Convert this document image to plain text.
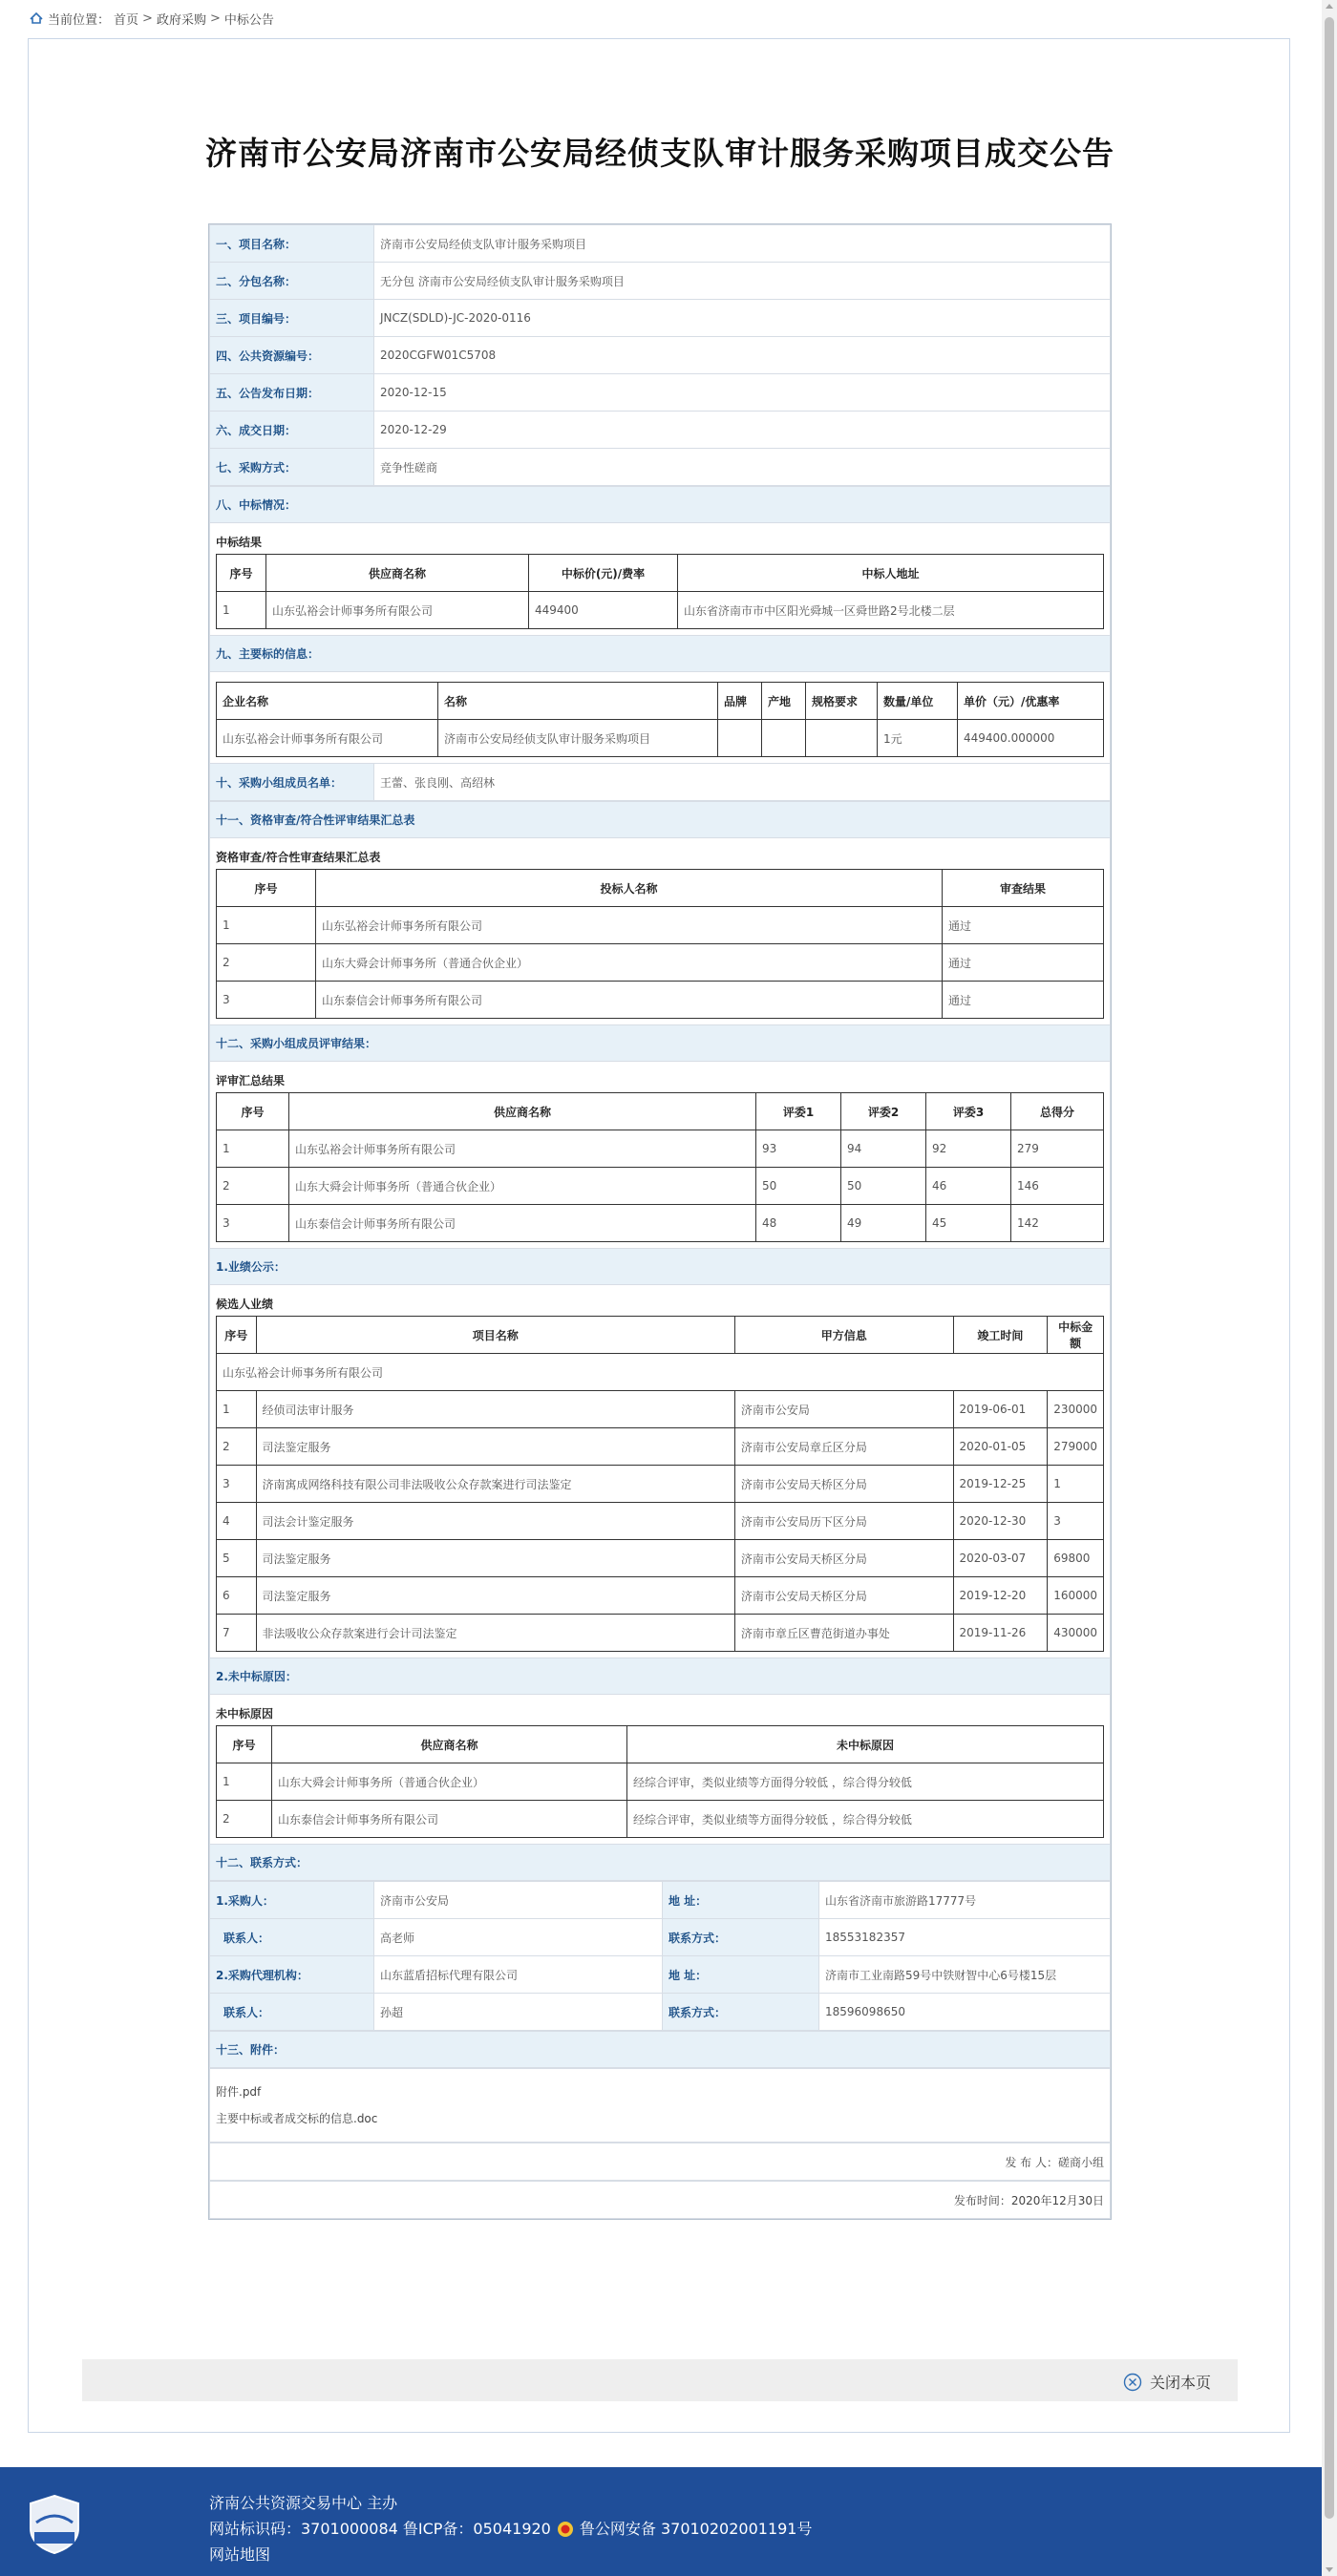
当前位置： 首页 > 政府采购 > 中标公告
济南市公安局济南市公安局经侦支队审计服务采购项目成交公告
一、项目名称：	济南市公安局经侦支队审计服务采购项目
二、分包名称：	无分包 济南市公安局经侦支队审计服务采购项目
三、项目编号：	JNCZ(SDLD)-JC-2020-0116
四、公共资源编号：	2020CGFW01C5708
五、公告发布日期：	2020-12-15
六、成交日期：	2020-12-29
七、采购方式：	竞争性磋商
八、中标情况：
中标结果
序号	供应商名称	中标价(元)/费率	中标人地址
1	山东弘裕会计师事务所有限公司	449400	山东省济南市市中区阳光舜城一区舜世路2号北楼二层
九、主要标的信息：
企业名称	名称	品牌	产地	规格要求	数量/单位	单价（元）/优惠率
山东弘裕会计师事务所有限公司	济南市公安局经侦支队审计服务采购项目				1元	449400.000000
十、采购小组成员名单：	王蕾、张良刚、高绍林
十一、资格审查/符合性评审结果汇总表
资格审查/符合性审查结果汇总表
序号	投标人名称	审查结果
1	山东弘裕会计师事务所有限公司	通过
2	山东大舜会计师事务所（普通合伙企业）	通过
3	山东泰信会计师事务所有限公司	通过
十二、采购小组成员评审结果：
评审汇总结果
序号	供应商名称	评委1	评委2	评委3	总得分
1	山东弘裕会计师事务所有限公司	93	94	92	279
2	山东大舜会计师事务所（普通合伙企业）	50	50	46	146
3	山东泰信会计师事务所有限公司	48	49	45	142
1.业绩公示：
候选人业绩
序号	项目名称	甲方信息	竣工时间	中标金额
山东弘裕会计师事务所有限公司				
1	经侦司法审计服务	济南市公安局	2019-06-01	230000
2	司法鉴定服务	济南市公安局章丘区分局	2020-01-05	279000
3	济南寓成网络科技有限公司非法吸收公众存款案进行司法鉴定	济南市公安局天桥区分局	2019-12-25	1
4	司法会计鉴定服务	济南市公安局历下区分局	2020-12-30	3
5	司法鉴定服务	济南市公安局天桥区分局	2020-03-07	69800
6	司法鉴定服务	济南市公安局天桥区分局	2019-12-20	160000
7	非法吸收公众存款案进行会计司法鉴定	济南市章丘区曹范街道办事处	2019-11-26	430000
2.未中标原因：
未中标原因
序号	供应商名称	未中标原因
1	山东大舜会计师事务所（普通合伙企业）	经综合评审，类似业绩等方面得分较低 ，综合得分较低
2	山东泰信会计师事务所有限公司	经综合评审，类似业绩等方面得分较低 ，综合得分较低
十二、联系方式：
1.采购人：	济南市公安局	地 址：	山东省济南市旅游路17777号
联系人：	高老师	联系方式：	18553182357
2.采购代理机构：	山东蓝盾招标代理有限公司	地 址：	济南市工业南路59号中铁财智中心6号楼15层
联系人：	孙超	联系方式：	18596098650
十三、附件：
附件.pdf
主要中标或者成交标的信息.doc
发 布 人：磋商小组
发布时间：2020年12月30日
关闭本页
济南公共资源交易中心 主办
网站标识码：3701000084 鲁ICP备：05041920 鲁公网安备 37010202001191号
网站地图
